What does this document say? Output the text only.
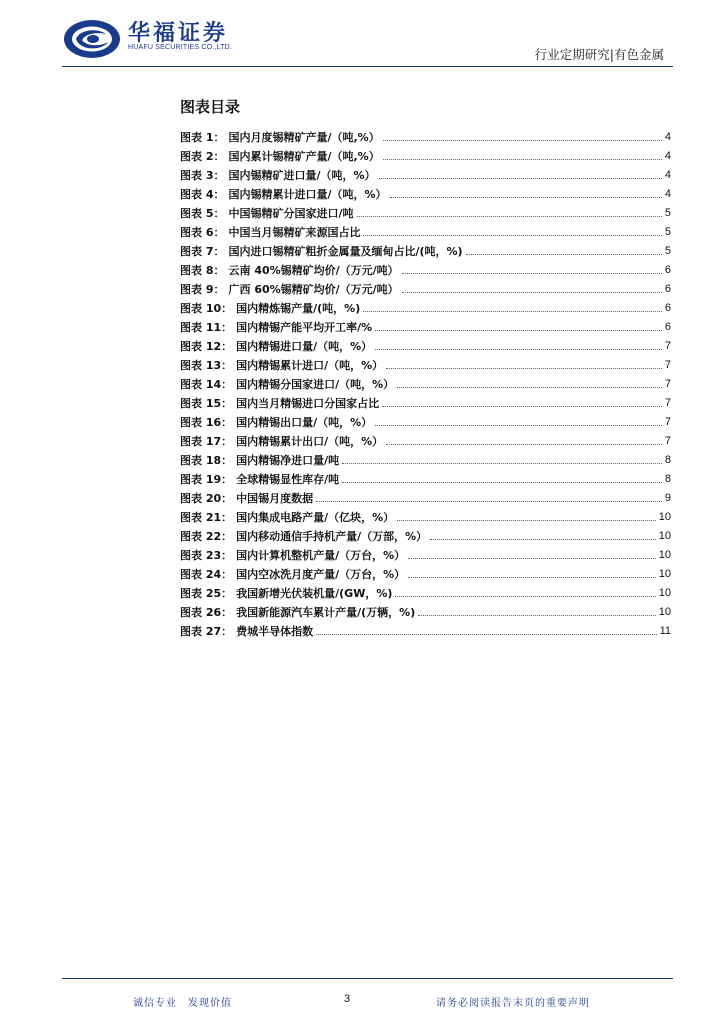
华福证券
HUAFU SECURITIES CO.,LTD.	行业定期研究|有色金属
图表目录
图表 1： 国内月度锡精矿产量/（吨,%）	4
图表 2： 国内累计锡精矿产量/（吨,%）	4
图表 3： 国内锡精矿进口量/（吨，%）	4
图表 4： 国内锡精累计进口量/（吨，%）	4
图表 5： 中国锡精矿分国家进口/吨	5
图表 6： 中国当月锡精矿来源国占比	5
图表 7： 国内进口锡精矿粗折金属量及缅甸占比/(吨，%)	5
图表 8： 云南 40%锡精矿均价/（万元/吨）	6
图表 9： 广西 60%锡精矿均价/（万元/吨）	6
图表 10： 国内精炼锡产量/(吨，%)	6
图表 11： 国内精锡产能平均开工率/%	6
图表 12： 国内精锡进口量/（吨，%）	7
图表 13： 国内精锡累计进口/（吨，%）	7
图表 14： 国内精锡分国家进口/（吨，%）	7
图表 15： 国内当月精锡进口分国家占比	7
图表 16： 国内精锡出口量/（吨，%）	7
图表 17： 国内精锡累计出口/（吨，%）	7
图表 18： 国内精锡净进口量/吨	8
图表 19： 全球精锡显性库存/吨	8
图表 20： 中国锡月度数据	9
图表 21： 国内集成电路产量/（亿块，%）	10
图表 22： 国内移动通信手持机产量/（万部，%）	10
图表 23： 国内计算机整机产量/（万台，%）	10
图表 24： 国内空冰洗月度产量/（万台，%）	10
图表 25： 我国新增光伏装机量/(GW，%)	10
图表 26： 我国新能源汽车累计产量/(万辆，%)	10
图表 27： 费城半导体指数	11
诚信专业　发现价值	3	请务必阅读报告末页的重要声明
